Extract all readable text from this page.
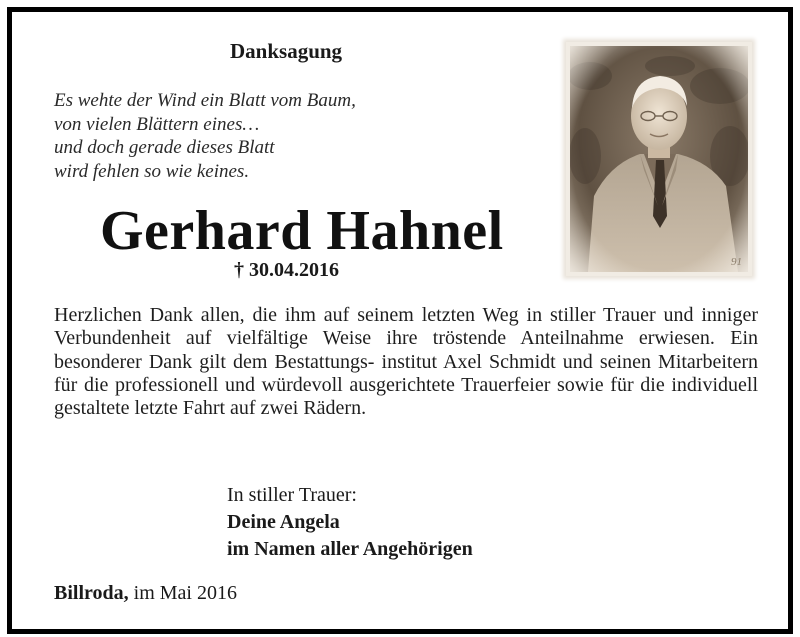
Danksagung
Es wehte der Wind ein Blatt vom Baum,
von vielen Blättern eines…
und doch gerade dieses Blatt
wird fehlen so wie keines.
Gerhard Hahnel
† 30.04.2016	91
Herzlichen Dank allen, die ihm auf seinem letzten Weg in stiller Trauer und inniger Verbundenheit auf vielfältige Weise ihre tröstende Anteilnahme erwiesen. Ein besonderer Dank gilt dem Bestattungs- institut Axel Schmidt und seinen Mitarbeitern für die professionell und würdevoll ausgerichtete Trauerfeier sowie für die individuell gestaltete letzte Fahrt auf zwei Rädern.
In stiller Trauer:
Deine Angela
im Namen aller Angehörigen
Billroda, im Mai 2016
